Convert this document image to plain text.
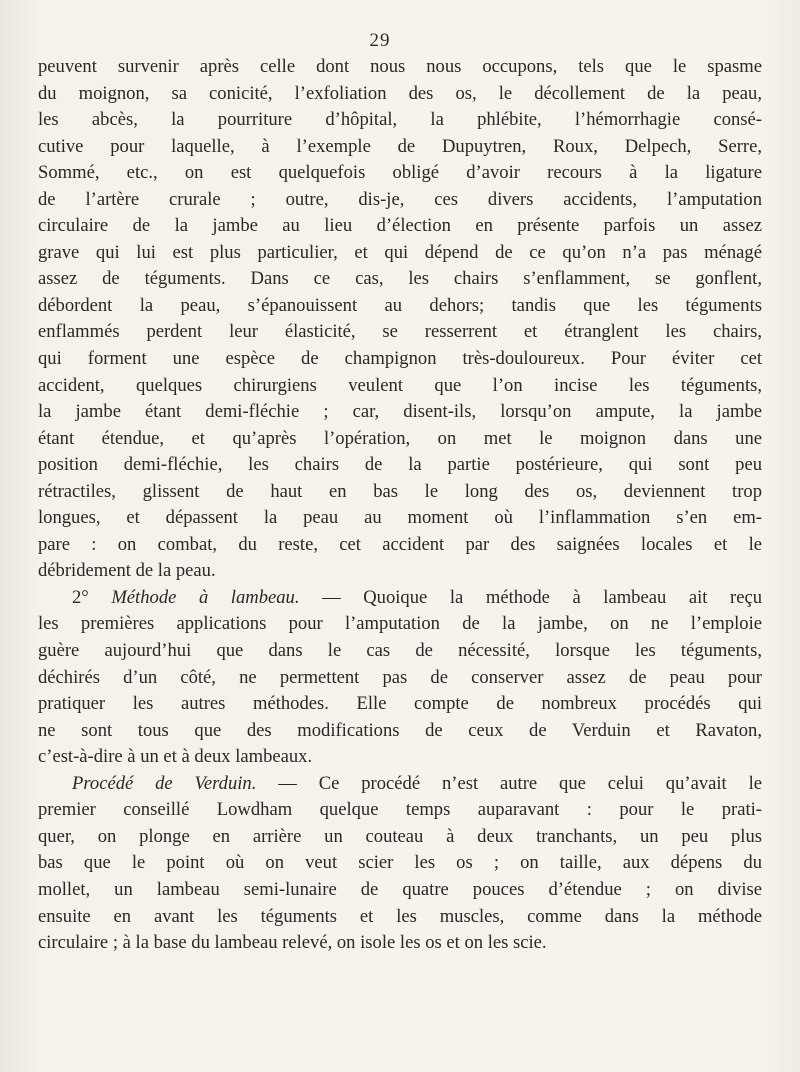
29
peuvent survenir après celle dont nous nous occupons, tels que le spasme
du moignon, sa conicité, l’exfoliation des os, le décollement de la peau,
les abcès, la pourriture d’hôpital, la phlébite, l’hémorrhagie consé-
cutive pour laquelle, à l’exemple de Dupuytren, Roux, Delpech, Serre,
Sommé, etc., on est quelquefois obligé d’avoir recours à la ligature
de l’artère crurale ; outre, dis-je, ces divers accidents, l’amputation
circulaire de la jambe au lieu d’élection en présente parfois un assez
grave qui lui est plus particulier, et qui dépend de ce qu’on n’a pas ménagé
assez de téguments. Dans ce cas, les chairs s’enflamment, se gonflent,
débordent la peau, s’épanouissent au dehors; tandis que les téguments
enflammés perdent leur élasticité, se resserrent et étranglent les chairs,
qui forment une espèce de champignon très-douloureux. Pour éviter cet
accident, quelques chirurgiens veulent que l’on incise les téguments,
la jambe étant demi-fléchie ; car, disent-ils, lorsqu’on ampute, la jambe
étant étendue, et qu’après l’opération, on met le moignon dans une
position demi-fléchie, les chairs de la partie postérieure, qui sont peu
rétractiles, glissent de haut en bas le long des os, deviennent trop
longues, et dépassent la peau au moment où l’inflammation s’en em-
pare : on combat, du reste, cet accident par des saignées locales et le
débridement de la peau.
2° Méthode à lambeau. — Quoique la méthode à lambeau ait reçu
les premières applications pour l’amputation de la jambe, on ne l’emploie
guère aujourd’hui que dans le cas de nécessité, lorsque les téguments,
déchirés d’un côté, ne permettent pas de conserver assez de peau pour
pratiquer les autres méthodes. Elle compte de nombreux procédés qui
ne sont tous que des modifications de ceux de Verduin et Ravaton,
c’est-à-dire à un et à deux lambeaux.
Procédé de Verduin. — Ce procédé n’est autre que celui qu’avait le
premier conseillé Lowdham quelque temps auparavant : pour le prati-
quer, on plonge en arrière un couteau à deux tranchants, un peu plus
bas que le point où on veut scier les os ; on taille, aux dépens du
mollet, un lambeau semi-lunaire de quatre pouces d’étendue ; on divise
ensuite en avant les téguments et les muscles, comme dans la méthode
circulaire ; à la base du lambeau relevé, on isole les os et on les scie.
